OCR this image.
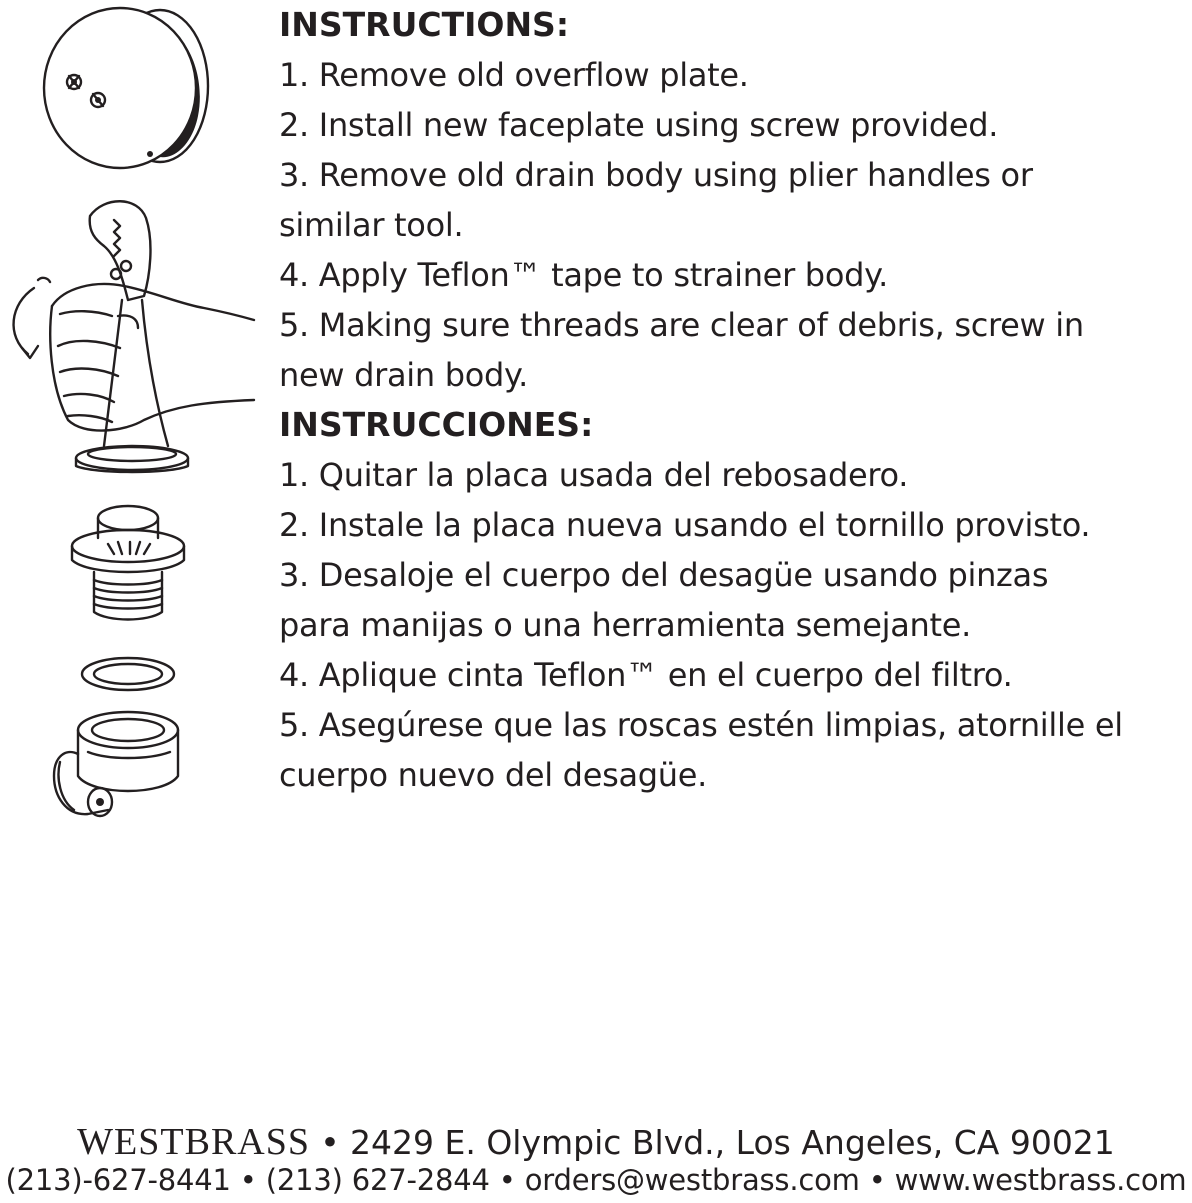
INSTRUCTIONS:

1. Remove old overflow plate.

2. Install new faceplate using screw provided.

3. Remove old drain body using plier handles or

similar tool.

4. Apply Teflon™ tape to strainer body.

5. Making sure threads are clear of debris, screw in

new drain body.

INSTRUCCIONES:

1. Quitar la placa usada del rebosadero.

2. Instale la placa nueva usando el tornillo provisto.

3. Desaloje el cuerpo del desagüe usando pinzas

para manijas o una herramienta semejante.

4. Aplique cinta Teflon™ en el cuerpo del filtro.

5. Asegúrese que las roscas estén limpias, atornille el

cuerpo nuevo del desagüe.

WESTBRASS • 2429 E. Olympic Blvd., Los Angeles, CA 90021
(213)-627-8441 • (213) 627-2844 • orders@westbrass.com • www.westbrass.com
